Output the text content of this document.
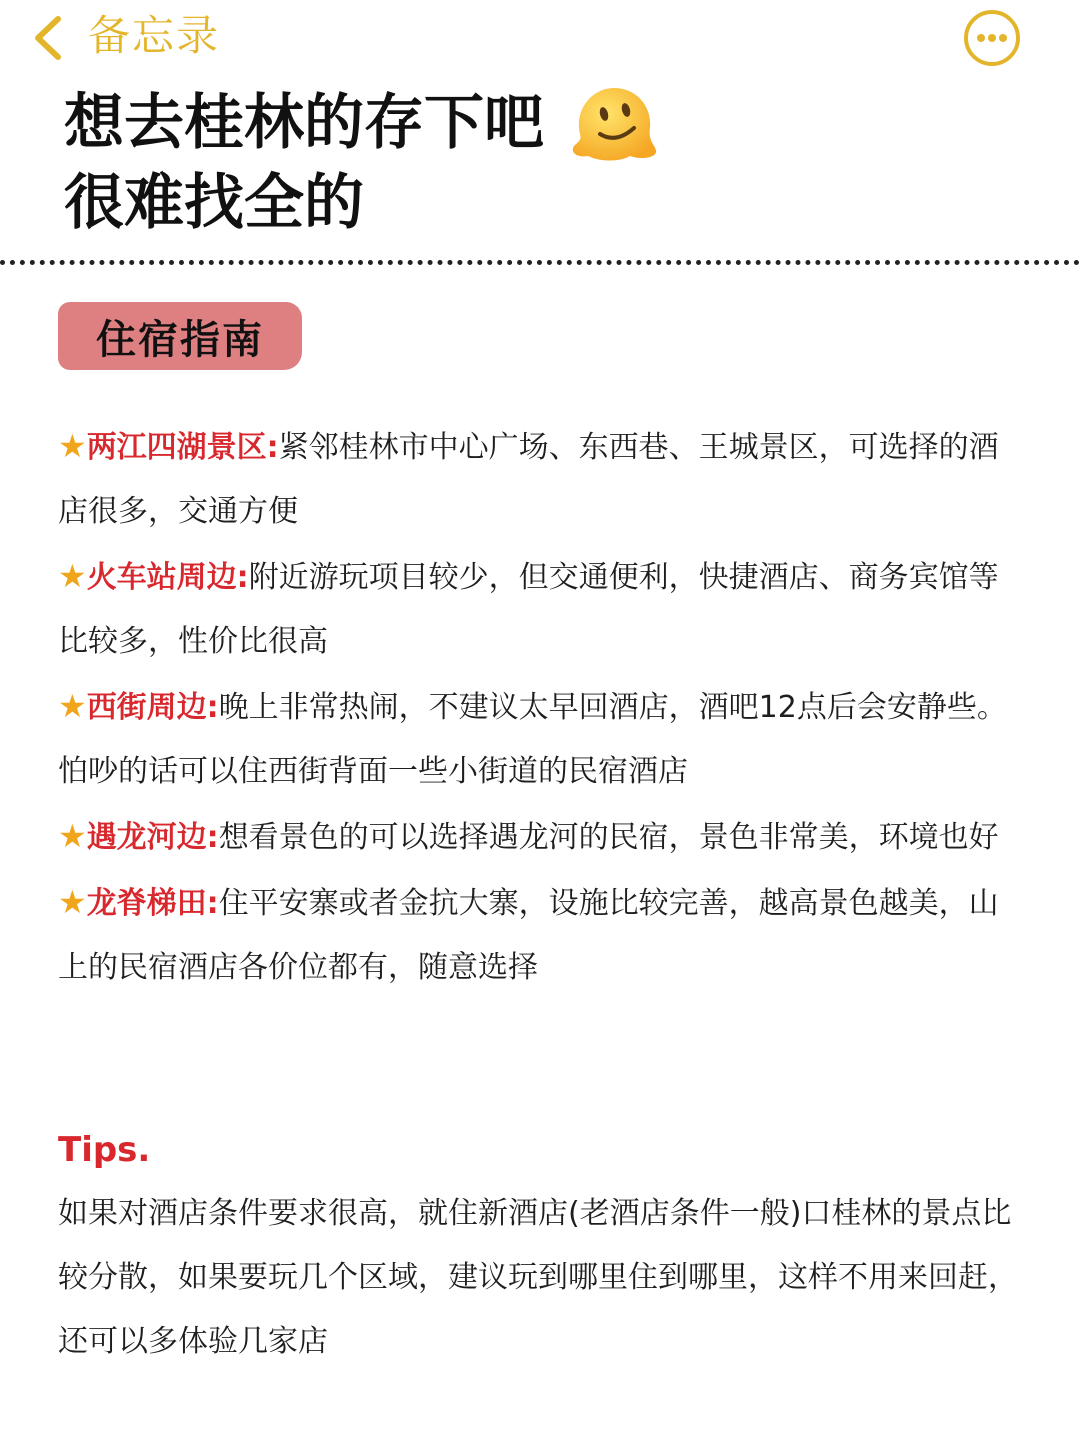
备忘录
想去桂林的存下吧
很难找全的
住宿指南

★两江四湖景区:紧邻桂林市中心广场、东西巷、王城景区，可选择的酒店很多，交通方便

★火车站周边:附近游玩项目较少，但交通便利，快捷酒店、商务宾馆等比较多，性价比很高

★西街周边:晚上非常热闹，不建议太早回酒店，酒吧12点后会安静些。怕吵的话可以住西街背面一些小街道的民宿酒店

★遇龙河边:想看景色的可以选择遇龙河的民宿，景色非常美，环境也好

★龙脊梯田:住平安寨或者金抗大寨，设施比较完善，越高景色越美，山上的民宿酒店各价位都有，随意选择

Tips.
如果对酒店条件要求很高，就住新酒店(老酒店条件一般)口桂林的景点比较分散，如果要玩几个区域，建议玩到哪里住到哪里，这样不用来回赶，还可以多体验几家店
